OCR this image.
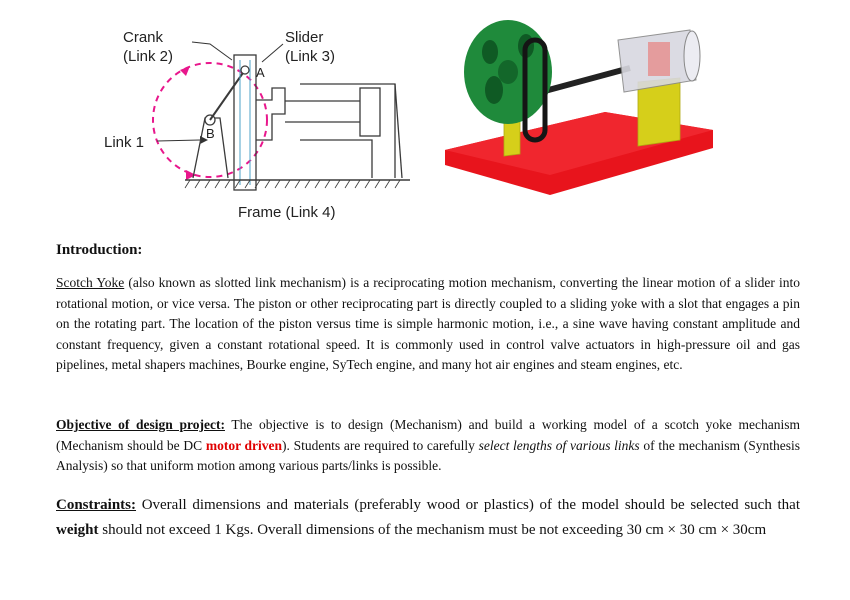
Crank
(Link 2)
Slider
(Link 3)
Link 1
Frame (Link 4)
A
B
Introduction:

Scotch Yoke (also known as slotted link mechanism) is a reciprocating motion mechanism, converting the linear motion of a slider into rotational motion, or vice versa. The piston or other reciprocating part is directly coupled to a sliding yoke with a slot that engages a pin on the rotating part. The location of the piston versus time is simple harmonic motion, i.e., a sine wave having constant amplitude and constant frequency, given a constant rotational speed. It is commonly used in control valve actuators in high-pressure oil and gas pipelines, metal shapers machines, Bourke engine, SyTech engine, and many hot air engines and steam engines, etc.

Objective of design project: The objective is to design (Mechanism) and build a working model of a scotch yoke mechanism (Mechanism should be DC motor driven). Students are required to carefully select lengths of various links of the mechanism (Synthesis Analysis) so that uniform motion among various parts/links is possible.

Constraints: Overall dimensions and materials (preferably wood or plastics) of the model should be selected such that weight should not exceed 1 Kgs. Overall dimensions of the mechanism must be not exceeding 30 cm × 30 cm × 30cm
